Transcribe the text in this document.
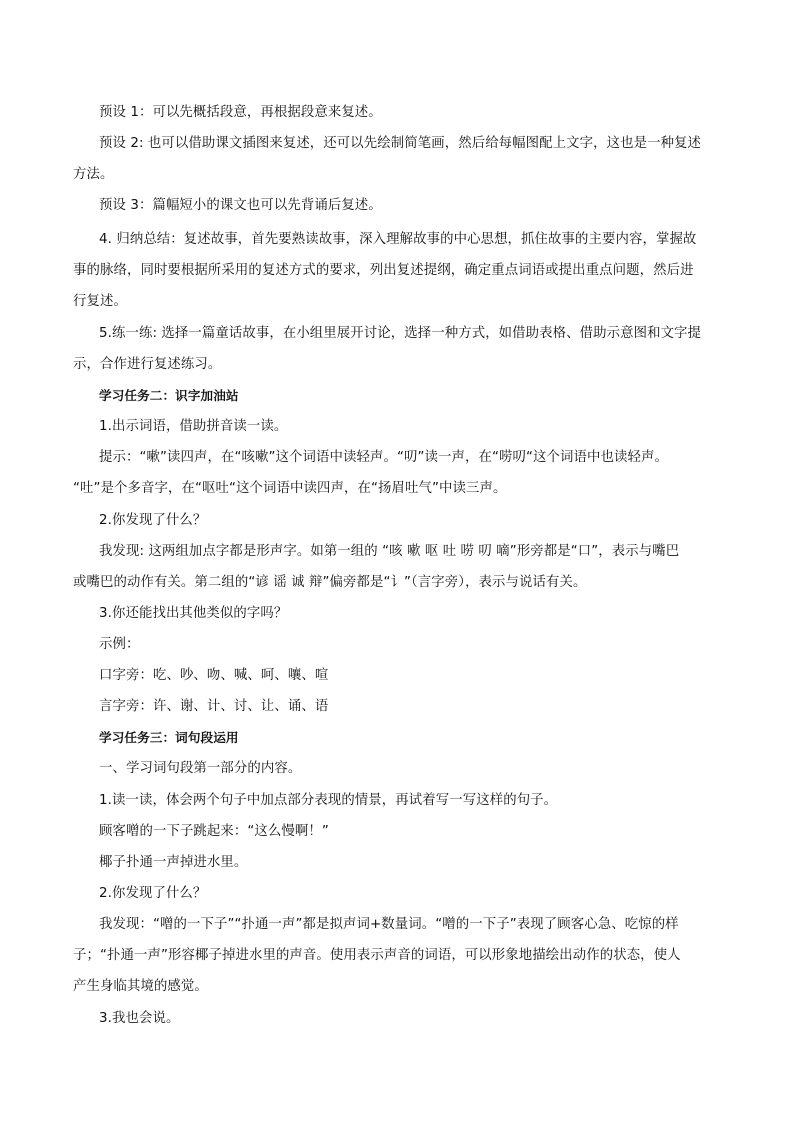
预设 1：可以先概括段意，再根据段意来复述。
预设 2: 也可以借助课文插图来复述，还可以先绘制简笔画，然后给每幅图配上文字，这也是一种复述
方法。
预设 3：篇幅短小的课文也可以先背诵后复述。
4. 归纳总结：复述故事，首先要熟读故事，深入理解故事的中心思想，抓住故事的主要内容，掌握故
事的脉络，同时要根据所采用的复述方式的要求，列出复述提纲，确定重点词语或提出重点问题，然后进
行复述。
5.练一练: 选择一篇童话故事，在小组里展开讨论，选择一种方式，如借助表格、借助示意图和文字提
示，合作进行复述练习。
学习任务二：识字加油站
1.出示词语，借助拼音读一读。
提示：“嗽”读四声，在“咳嗽”这个词语中读轻声。“叨”读一声，在“唠叨“这个词语中也读轻声。
“吐”是个多音字，在“呕吐“这个词语中读四声，在“扬眉吐气”中读三声。
2.你发现了什么？
我发现: 这两组加点字都是形声字。如第一组的 “咳 嗽 呕 吐 唠 叨 嘀”形旁都是“口”，表示与嘴巴
或嘴巴的动作有关。第二组的“谚 谣 诚 辩”偏旁都是“讠”（言字旁），表示与说话有关。
3.你还能找出其他类似的字吗？
示例：
口字旁：吃、吵、吻、喊、呵、嚷、喧
言字旁：许、谢、计、讨、让、诵、语
学习任务三：词句段运用
一、学习词句段第一部分的内容。
1.读一读，体会两个句子中加点部分表现的情景，再试着写一写这样的句子。
顾客噌的一下子跳起来：“这么慢啊！”
椰子扑通一声掉进水里。
2.你发现了什么？
我发现：“噌的一下子”“扑通一声”都是拟声词+数量词。“噌的一下子”表现了顾客心急、吃惊的样
子；“扑通一声”形容椰子掉进水里的声音。使用表示声音的词语，可以形象地描绘出动作的状态，使人
产生身临其境的感觉。
3.我也会说。
